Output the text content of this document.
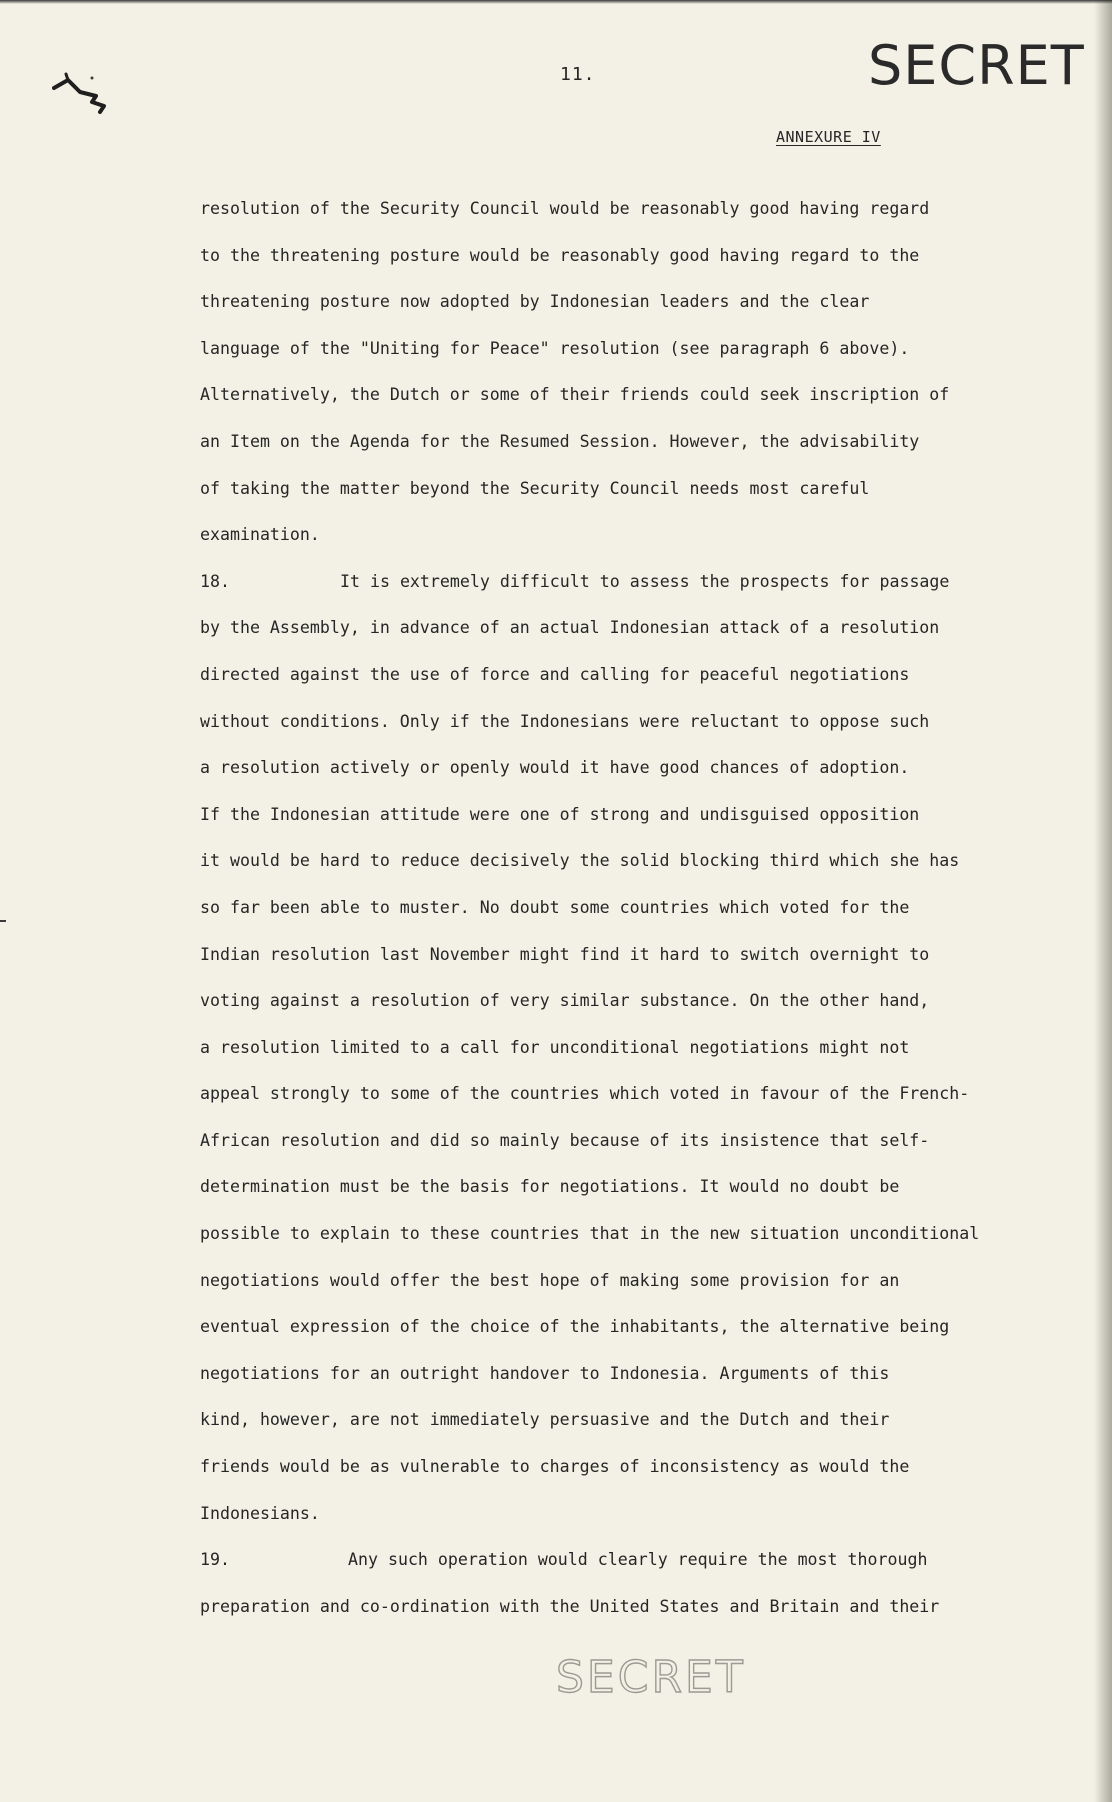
11.	SECRET
ANNEXURE IV
resolution of the Security Council would be reasonably good having regard
to the threatening posture would be reasonably good having regard to the
threatening posture now adopted by Indonesian leaders and the clear
language of the "Uniting for Peace" resolution (see paragraph 6 above).
Alternatively, the Dutch or some of their friends could seek inscription of
an Item on the Agenda for the Resumed Session. However, the advisability
of taking the matter beyond the Security Council needs most careful
examination.
18.	It is extremely difficult to assess the prospects for passage
by the Assembly, in advance of an actual Indonesian attack of a resolution
directed against the use of force and calling for peaceful negotiations
without conditions. Only if the Indonesians were reluctant to oppose such
a resolution actively or openly would it have good chances of adoption.
If the Indonesian attitude were one of strong and undisguised opposition
it would be hard to reduce decisively the solid blocking third which she has
so far been able to muster. No doubt some countries which voted for the
Indian resolution last November might find it hard to switch overnight to
voting against a resolution of very similar substance. On the other hand,
a resolution limited to a call for unconditional negotiations might not
appeal strongly to some of the countries which voted in favour of the French-
African resolution and did so mainly because of its insistence that self-
determination must be the basis for negotiations. It would no doubt be
possible to explain to these countries that in the new situation unconditional
negotiations would offer the best hope of making some provision for an
eventual expression of the choice of the inhabitants, the alternative being
negotiations for an outright handover to Indonesia. Arguments of this
kind, however, are not immediately persuasive and the Dutch and their
friends would be as vulnerable to charges of inconsistency as would the
Indonesians.
19.	Any such operation would clearly require the most thorough
preparation and co-ordination with the United States and Britain and their
SECRET
